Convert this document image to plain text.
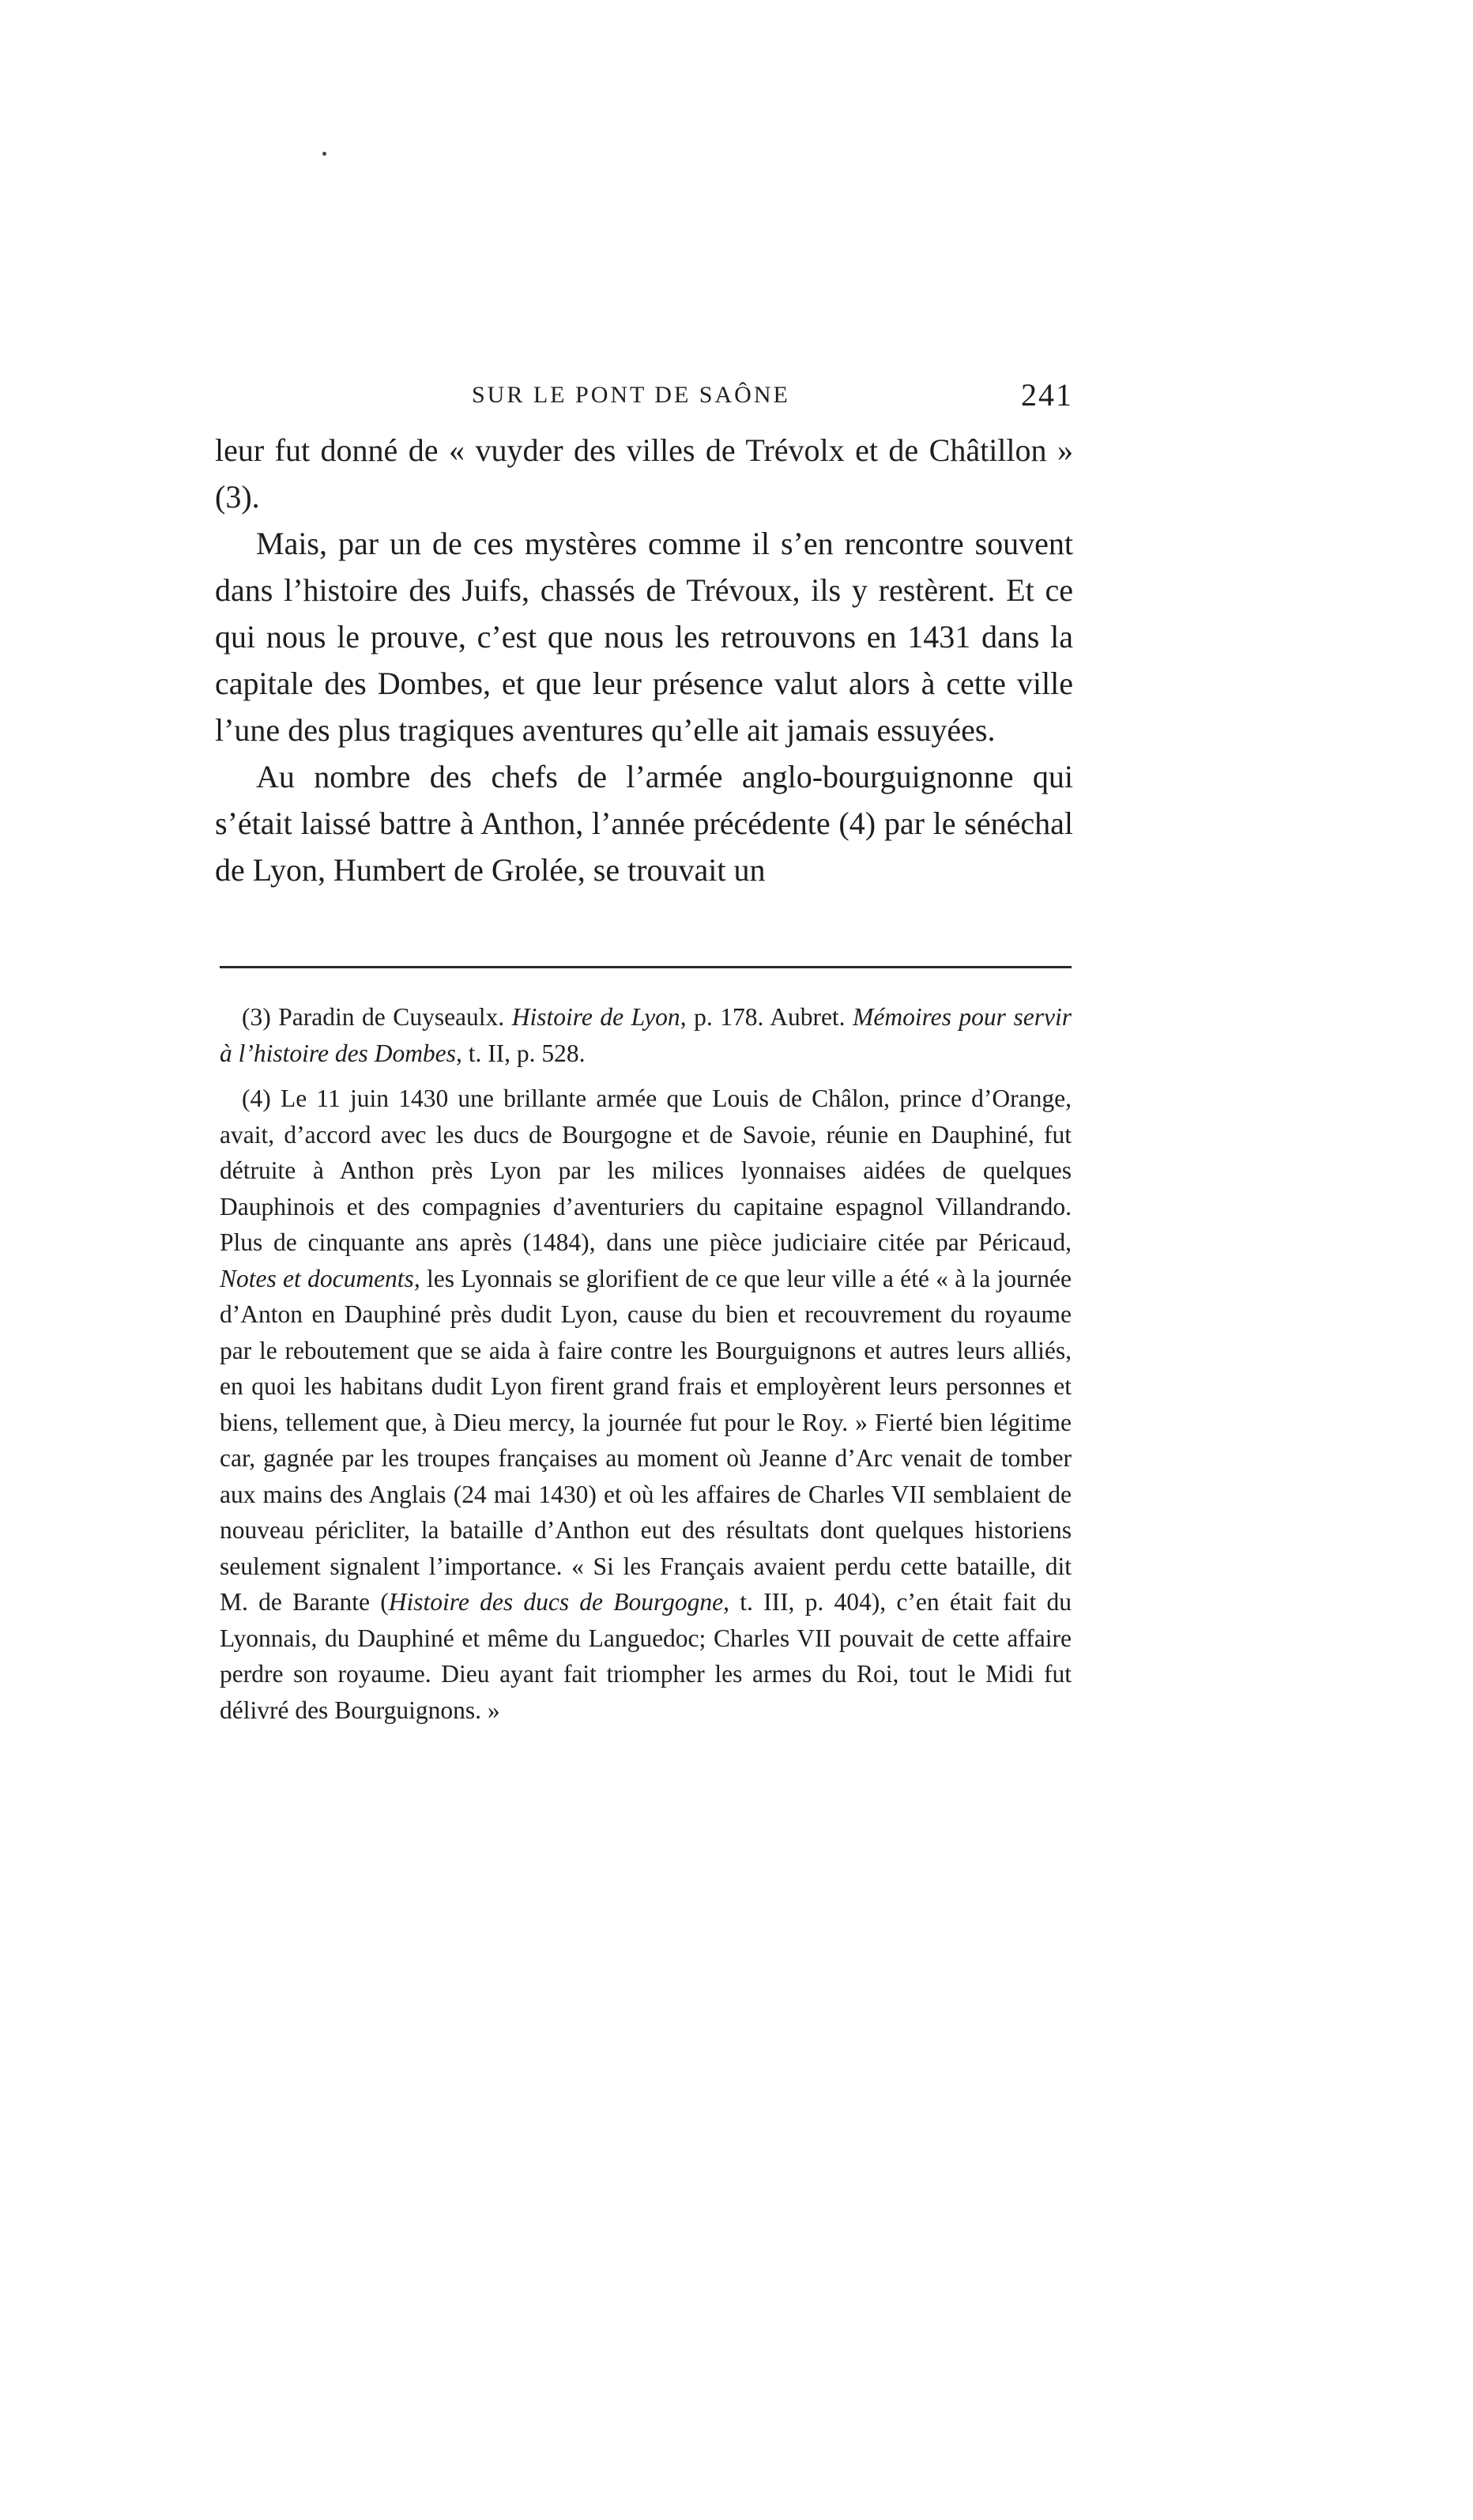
SUR LE PONT DE SAÔNE	241

leur fut donné de « vuyder des villes de Trévolx et de Châtillon » (3).

Mais, par un de ces mystères comme il s’en rencontre souvent dans l’histoire des Juifs, chassés de Trévoux, ils y restèrent. Et ce qui nous le prouve, c’est que nous les retrouvons en 1431 dans la capitale des Dombes, et que leur présence valut alors à cette ville l’une des plus tragiques aventures qu’elle ait jamais essuyées.

Au nombre des chefs de l’armée anglo-bourguignonne qui s’était laissé battre à Anthon, l’année précédente (4) par le sénéchal de Lyon, Humbert de Grolée, se trouvait un

(3) Paradin de Cuyseaulx. Histoire de Lyon, p. 178. Aubret. Mémoires pour servir à l’histoire des Dombes, t. II, p. 528.

(4) Le 11 juin 1430 une brillante armée que Louis de Châlon, prince d’Orange, avait, d’accord avec les ducs de Bourgogne et de Savoie, réunie en Dauphiné, fut détruite à Anthon près Lyon par les milices lyonnaises aidées de quelques Dauphinois et des compagnies d’aventuriers du capitaine espagnol Villandrando. Plus de cinquante ans après (1484), dans une pièce judiciaire citée par Péricaud, Notes et documents, les Lyonnais se glorifient de ce que leur ville a été « à la journée d’Anton en Dauphiné près dudit Lyon, cause du bien et recouvrement du royaume par le reboutement que se aida à faire contre les Bourguignons et autres leurs alliés, en quoi les habitans dudit Lyon firent grand frais et employèrent leurs personnes et biens, tellement que, à Dieu mercy, la journée fut pour le Roy. » Fierté bien légitime car, gagnée par les troupes françaises au moment où Jeanne d’Arc venait de tomber aux mains des Anglais (24 mai 1430) et où les affaires de Charles VII semblaient de nouveau péricliter, la bataille d’Anthon eut des résultats dont quelques historiens seulement signalent l’importance. « Si les Français avaient perdu cette bataille, dit M. de Barante (Histoire des ducs de Bourgogne, t. III, p. 404), c’en était fait du Lyonnais, du Dauphiné et même du Languedoc; Charles VII pouvait de cette affaire perdre son royaume. Dieu ayant fait triompher les armes du Roi, tout le Midi fut délivré des Bourguignons. »
